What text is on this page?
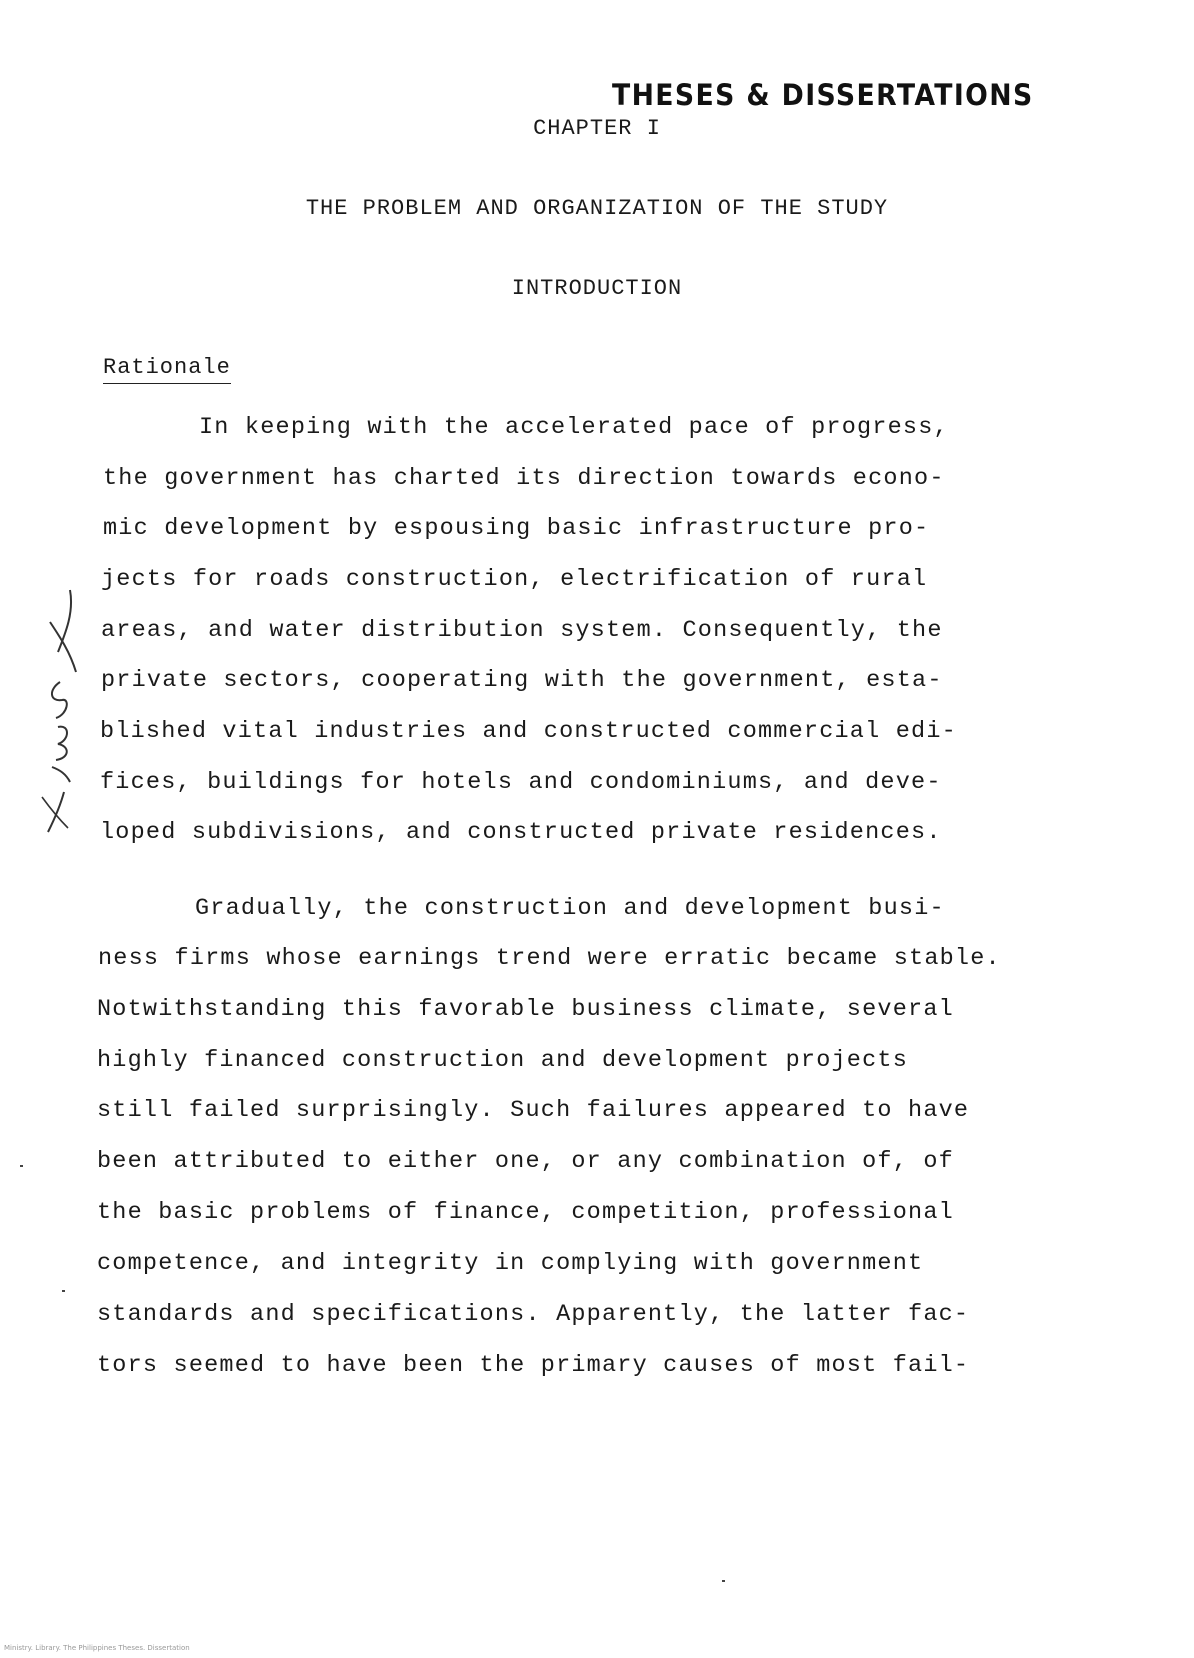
THESES & DISSERTATIONS
CHAPTER I
THE PROBLEM AND ORGANIZATION OF THE STUDY
INTRODUCTION
Rationale
In keeping with the accelerated pace of progress,
the government has charted its direction towards econo-
mic development by espousing basic infrastructure pro-
jects for roads construction, electrification of rural
areas, and water distribution system. Consequently, the
private sectors, cooperating with the government, esta-
blished vital industries and constructed commercial edi-
fices, buildings for hotels and condominiums, and deve-
loped subdivisions, and constructed private residences.
Gradually, the construction and development busi-
ness firms whose earnings trend were erratic became stable.
Notwithstanding this favorable business climate, several
highly financed construction and development projects
still failed surprisingly. Such failures appeared to have
been attributed to either one, or any combination of, of
the basic problems of finance, competition, professional
competence, and integrity in complying with government
standards and specifications. Apparently, the latter fac-
tors seemed to have been the primary causes of most fail-
Ministry. Library. The Philippines Theses. Dissertation
